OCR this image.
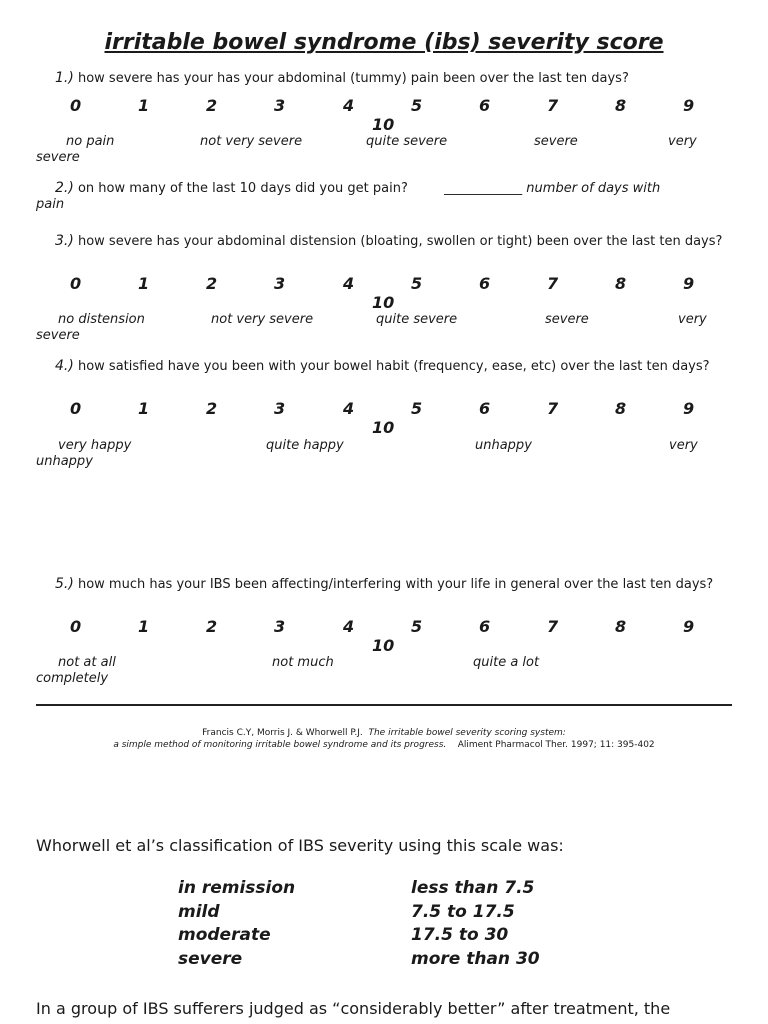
irritable bowel syndrome (ibs) severity score
1.) how severe has your has your abdominal (tummy) pain been over the last ten days?
0	1	2	3	4	5	6	7	8	9
10
no pain	not very severe	quite severe	severe	very
severe
2.) on how many of the last 10 days did you get pain?	____________ number of days with
pain
3.) how severe has your abdominal distension (bloating, swollen or tight) been over the last ten days?
0	1	2	3	4	5	6	7	8	9
10
no distension	not very severe	quite severe	severe	very
severe
4.) how satisfied have you been with your bowel habit (frequency, ease, etc) over the last ten days?
0	1	2	3	4	5	6	7	8	9
10
very happy	quite happy	unhappy	very
unhappy
5.) how much has your IBS been affecting/interfering with your life in general over the last ten days?
0	1	2	3	4	5	6	7	8	9
10
not at all	not much	quite a lot
completely
Francis C.Y, Morris J. & Whorwell P.J. The irritable bowel severity scoring system:
a simple method of monitoring irritable bowel syndrome and its progress. Aliment Pharmacol Ther. 1997; 11: 395-402
Whorwell et al’s classification of IBS severity using this scale was:
in remission	less than 7.5
mild	7.5 to 17.5
moderate	17.5 to 30
severe	more than 30
In a group of IBS sufferers judged as “considerably better” after treatment, the
